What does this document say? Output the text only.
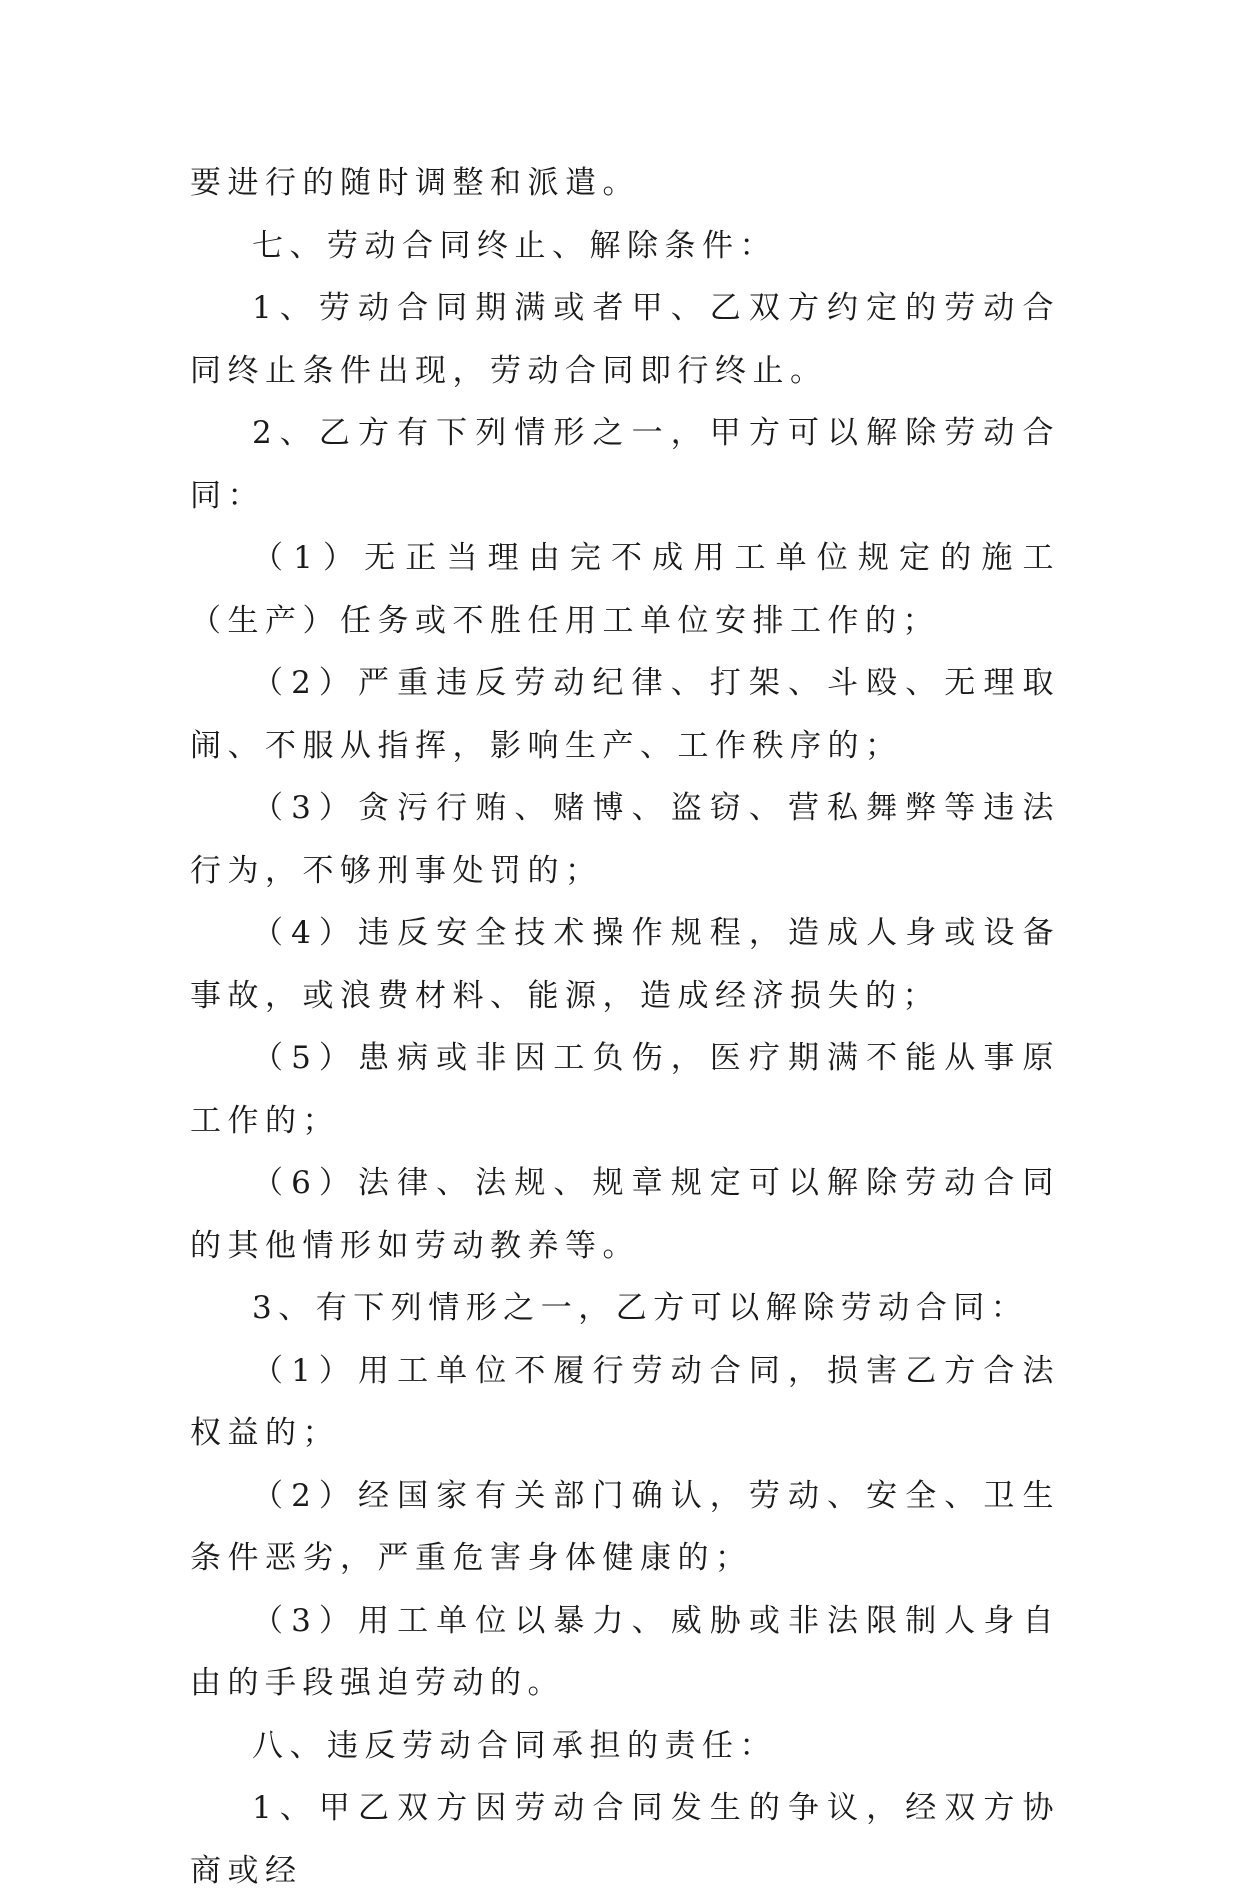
要进行的随时调整和派遣。

七、劳动合同终止、解除条件：

1、劳动合同期满或者甲、乙双方约定的劳动合同终止条件出现，劳动合同即行终止。

2、乙方有下列情形之一，甲方可以解除劳动合同：

（1）无正当理由完不成用工单位规定的施工（生产）任务或不胜任用工单位安排工作的；

（2）严重违反劳动纪律、打架、斗殴、无理取闹、不服从指挥，影响生产、工作秩序的；

（3）贪污行贿、赌博、盗窃、营私舞弊等违法行为，不够刑事处罚的；

（4）违反安全技术操作规程，造成人身或设备事故，或浪费材料、能源，造成经济损失的；

（5）患病或非因工负伤，医疗期满不能从事原工作的；

（6）法律、法规、规章规定可以解除劳动合同的其他情形如劳动教养等。

3、有下列情形之一，乙方可以解除劳动合同：

（1）用工单位不履行劳动合同，损害乙方合法权益的；

（2）经国家有关部门确认，劳动、安全、卫生条件恶劣，严重危害身体健康的；

（3）用工单位以暴力、威胁或非法限制人身自由的手段强迫劳动的。

八、违反劳动合同承担的责任：

1、甲乙双方因劳动合同发生的争议，经双方协商或经
